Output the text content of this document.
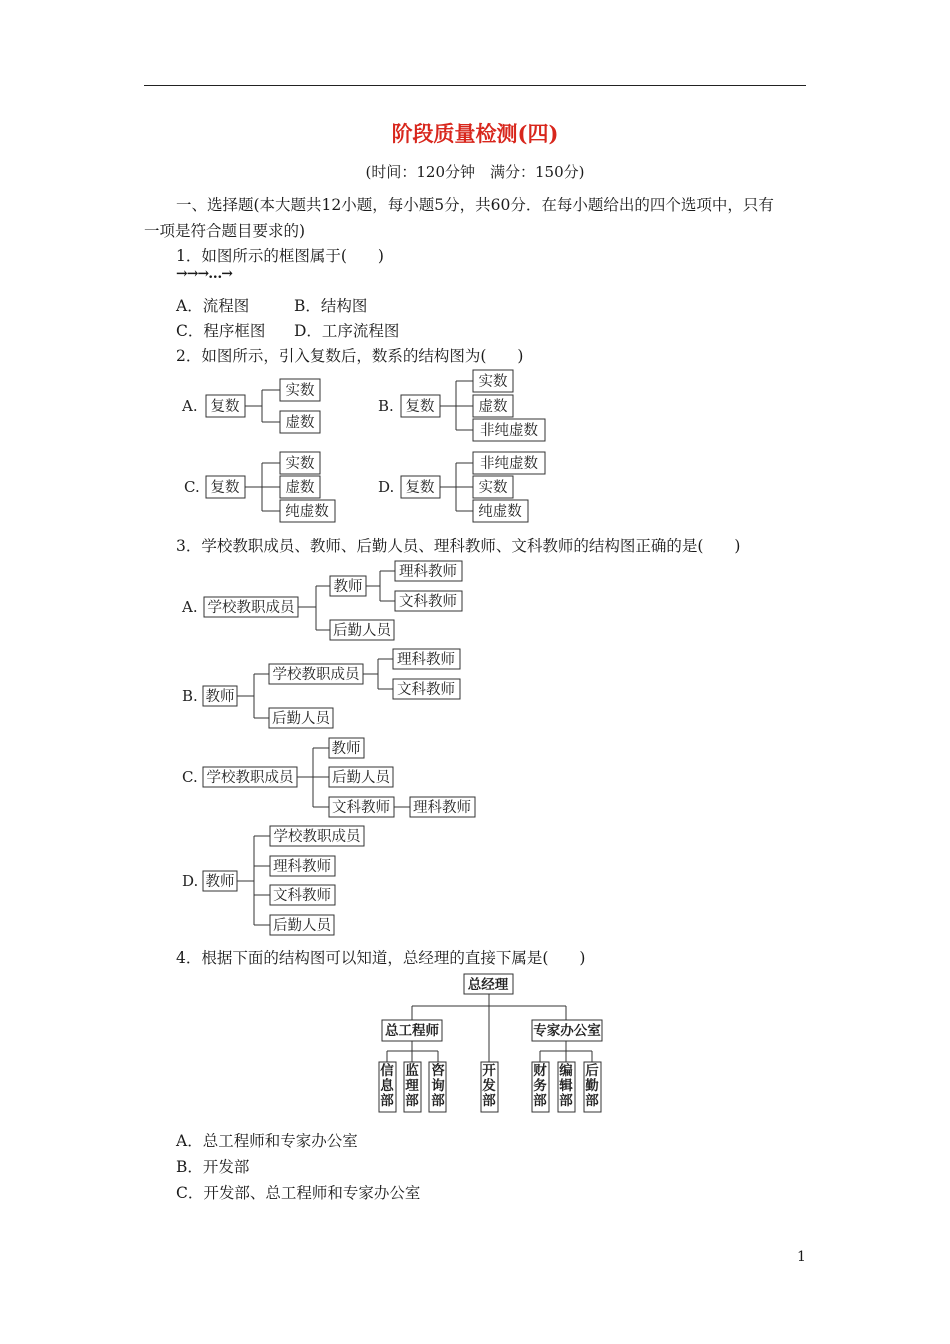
阶段质量检测(四)
(时间：120分钟　满分：150分)
一、选择题(本大题共12小题，每小题5分，共60分．在每小题给出的四个选项中，只有
一项是符合题目要求的)
1．如图所示的框图属于(　　)
→→→…→
A．流程图	B．结构图
C．程序框图 D．工序流程图
2．如图所示，引入复数后，数系的结构图为(　　)
3．学校教职成员、教师、后勤人员、理科教师、文科教师的结构图正确的是(　　)
4．根据下面的结构图可以知道，总经理的直接下属是(　　)
A．总工程师和专家办公室
B．开发部
C．开发部、总工程师和专家办公室
1
A. 复数
实数
虚数
B. 复数
实数
虚数
非纯虚数
C. 复数
实数
虚数
纯虚数
D. 复数
非纯虚数
实数
纯虚数
A. 学校教职成员
教师
理科教师
文科教师
后勤人员
B. 教师
学校教职成员
理科教师
文科教师
后勤人员
C. 学校教职成员
教师
后勤人员
文科教师 理科教师
D. 教师
学校教职成员
理科教师
文科教师
后勤人员
总经理
总工程师	专家办公室
信息部
监理部
咨询部
开发部
财务部
编辑部
后勤部
